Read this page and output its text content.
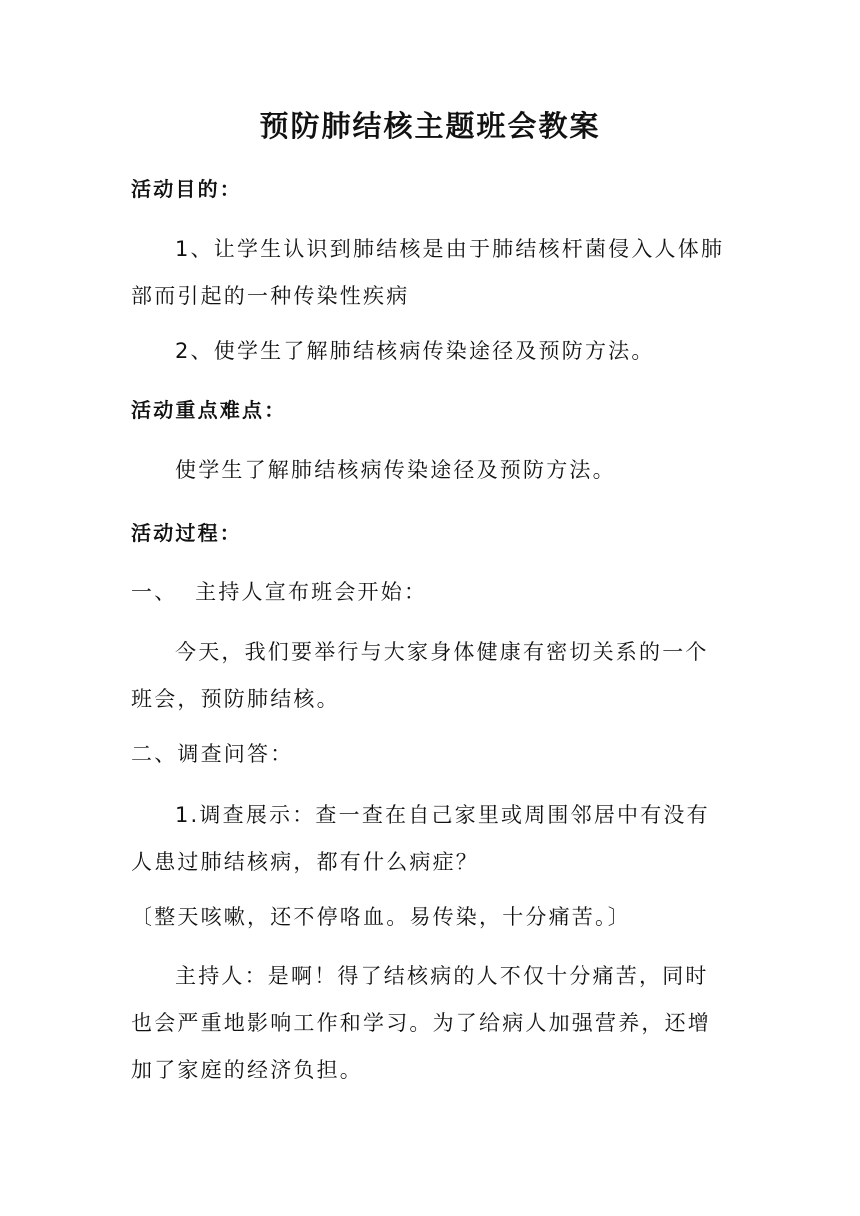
预防肺结核主题班会教案

活动目的：

1、让学生认识到肺结核是由于肺结核杆菌侵入人体肺部而引起的一种传染性疾病

2、使学生了解肺结核病传染途径及预防方法。

活动重点难点：

使学生了解肺结核病传染途径及预防方法。

活动过程：

一、  主持人宣布班会开始：

今天，我们要举行与大家身体健康有密切关系的一个班会，预防肺结核。

二、调查问答：

1.调查展示：查一查在自己家里或周围邻居中有没有人患过肺结核病，都有什么病症？

〔整天咳嗽，还不停咯血。易传染，十分痛苦。〕

主持人：是啊！得了结核病的人不仅十分痛苦，同时也会严重地影响工作和学习。为了给病人加强营养，还增加了家庭的经济负担。
